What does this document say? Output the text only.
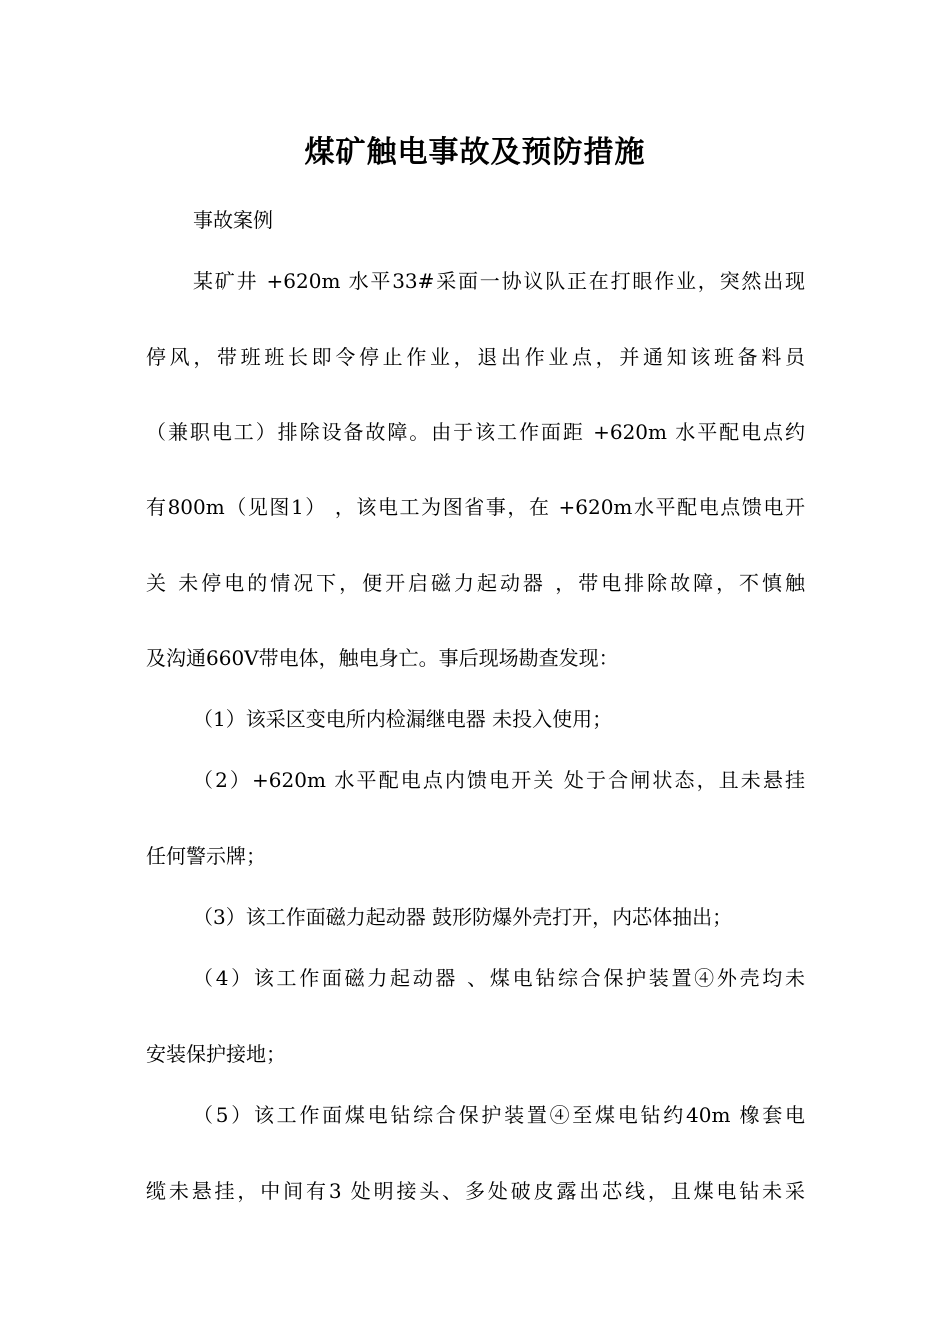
煤矿触电事故及预防措施
事故案例
某矿井 +620m 水平33#采面一协议队正在打眼作业，突然出现
停风，带班班长即令停止作业，退出作业点，并通知该班备料员
（兼职电工）排除设备故障。由于该工作面距 +620m 水平配电点约
有800m（见图1） ，该电工为图省事，在 +620m水平配电点馈电开
关 未停电的情况下，便开启磁力起动器 ，带电排除故障，不慎触
及沟通660V带电体，触电身亡。事后现场勘查发现：
（1）该采区变电所内检漏继电器 未投入使用；
（2）+620m 水平配电点内馈电开关 处于合闸状态，且未悬挂
任何警示牌；
（3）该工作面磁力起动器 鼓形防爆外壳打开，内芯体抽出；
（4）该工作面磁力起动器 、煤电钻综合保护装置④外壳均未
安装保护接地；
（5）该工作面煤电钻综合保护装置④至煤电钻约40m 橡套电
缆未悬挂，中间有3 处明接头、多处破皮露出芯线，且煤电钻未采
